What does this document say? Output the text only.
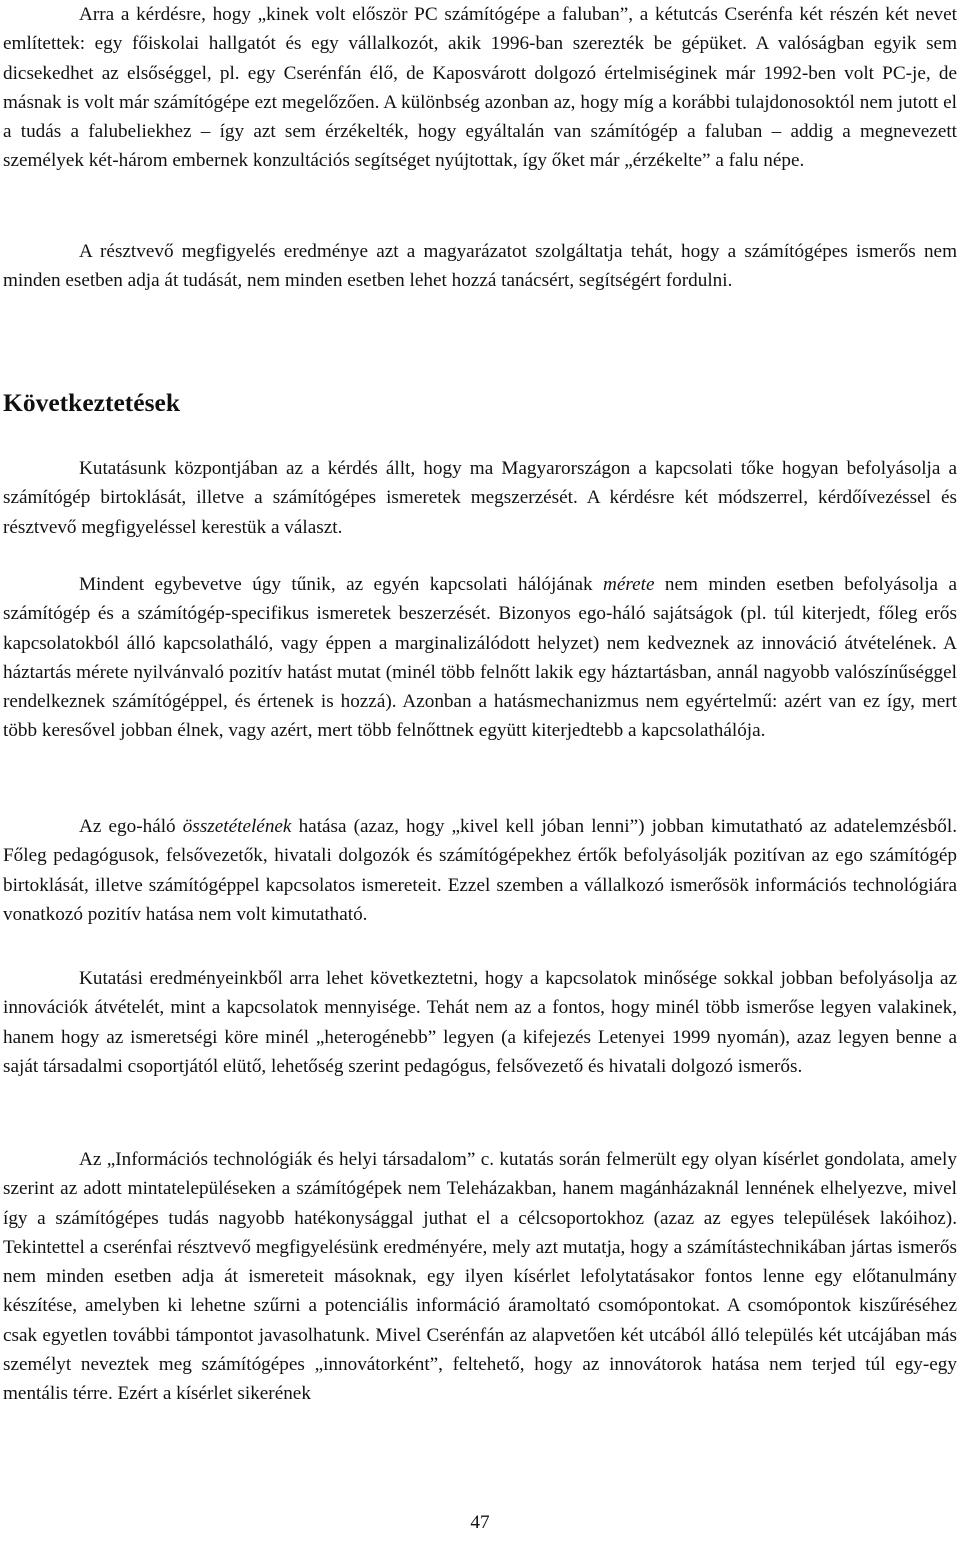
Arra a kérdésre, hogy „kinek volt először PC számítógépe a faluban”, a kétutcás Cserénfa két részén két nevet említettek: egy főiskolai hallgatót és egy vállalkozót, akik 1996-ban szerezték be gépüket. A valóságban egyik sem dicsekedhet az elsőséggel, pl. egy Cserénfán élő, de Kaposvárott dolgozó értelmiséginek már 1992-ben volt PC-je, de másnak is volt már számítógépe ezt megelőzően. A különbség azonban az, hogy míg a korábbi tulajdonosoktól nem jutott el a tudás a falubeliekhez – így azt sem érzékelték, hogy egyáltalán van számítógép a faluban – addig a megnevezett személyek két-három embernek konzultációs segítséget nyújtottak, így őket már „érzékelte” a falu népe.

A résztvevő megfigyelés eredménye azt a magyarázatot szolgáltatja tehát, hogy a számítógépes ismerős nem minden esetben adja át tudását, nem minden esetben lehet hozzá tanácsért, segítségért fordulni.

Következtetések

Kutatásunk központjában az a kérdés állt, hogy ma Magyarországon a kapcsolati tőke hogyan befolyásolja a számítógép birtoklását, illetve a számítógépes ismeretek megszerzését. A kérdésre két módszerrel, kérdőívezéssel és résztvevő megfigyeléssel kerestük a választ.

Mindent egybevetve úgy tűnik, az egyén kapcsolati hálójának mérete nem minden esetben befolyásolja a számítógép és a számítógép-specifikus ismeretek beszerzését. Bizonyos ego-háló sajátságok (pl. túl kiterjedt, főleg erős kapcsolatokból álló kapcsolatháló, vagy éppen a marginalizálódott helyzet) nem kedveznek az innováció átvételének. A háztartás mérete nyilvánvaló pozitív hatást mutat (minél több felnőtt lakik egy háztartásban, annál nagyobb valószínűséggel rendelkeznek számítógéppel, és értenek is hozzá). Azonban a hatásmechanizmus nem egyértelmű: azért van ez így, mert több keresővel jobban élnek, vagy azért, mert több felnőttnek együtt kiterjedtebb a kapcsolathálója.

Az ego-háló összetételének hatása (azaz, hogy „kivel kell jóban lenni”) jobban kimutatható az adatelemzésből. Főleg pedagógusok, felsővezetők, hivatali dolgozók és számítógépekhez értők befolyásolják pozitívan az ego számítógép birtoklását, illetve számítógéppel kapcsolatos ismereteit. Ezzel szemben a vállalkozó ismerősök információs technológiára vonatkozó pozitív hatása nem volt kimutatható.

Kutatási eredményeinkből arra lehet következtetni, hogy a kapcsolatok minősége sokkal jobban befolyásolja az innovációk átvételét, mint a kapcsolatok mennyisége. Tehát nem az a fontos, hogy minél több ismerőse legyen valakinek, hanem hogy az ismeretségi köre minél „heterogénebb” legyen (a kifejezés Letenyei 1999 nyomán), azaz legyen benne a saját társadalmi csoportjától elütő, lehetőség szerint pedagógus, felsővezető és hivatali dolgozó ismerős.

Az „Információs technológiák és helyi társadalom” c. kutatás során felmerült egy olyan kísérlet gondolata, amely szerint az adott mintatelepüléseken a számítógépek nem Teleházakban, hanem magánházaknál lennének elhelyezve, mivel így a számítógépes tudás nagyobb hatékonysággal juthat el a célcsoportokhoz (azaz az egyes települések lakóihoz). Tekintettel a cserénfai résztvevő megfigyelésünk eredményére, mely azt mutatja, hogy a számítástechnikában jártas ismerős nem minden esetben adja át ismereteit másoknak, egy ilyen kísérlet lefolytatásakor fontos lenne egy előtanulmány készítése, amelyben ki lehetne szűrni a potenciális információ áramoltató csomópontokat. A csomópontok kiszűréséhez csak egyetlen további támpontot javasolhatunk. Mivel Cserénfán az alapvetően két utcából álló település két utcájában más személyt neveztek meg számítógépes „innovátorként”, feltehető, hogy az innovátorok hatása nem terjed túl egy-egy mentális térre. Ezért a kísérlet sikerének

47
